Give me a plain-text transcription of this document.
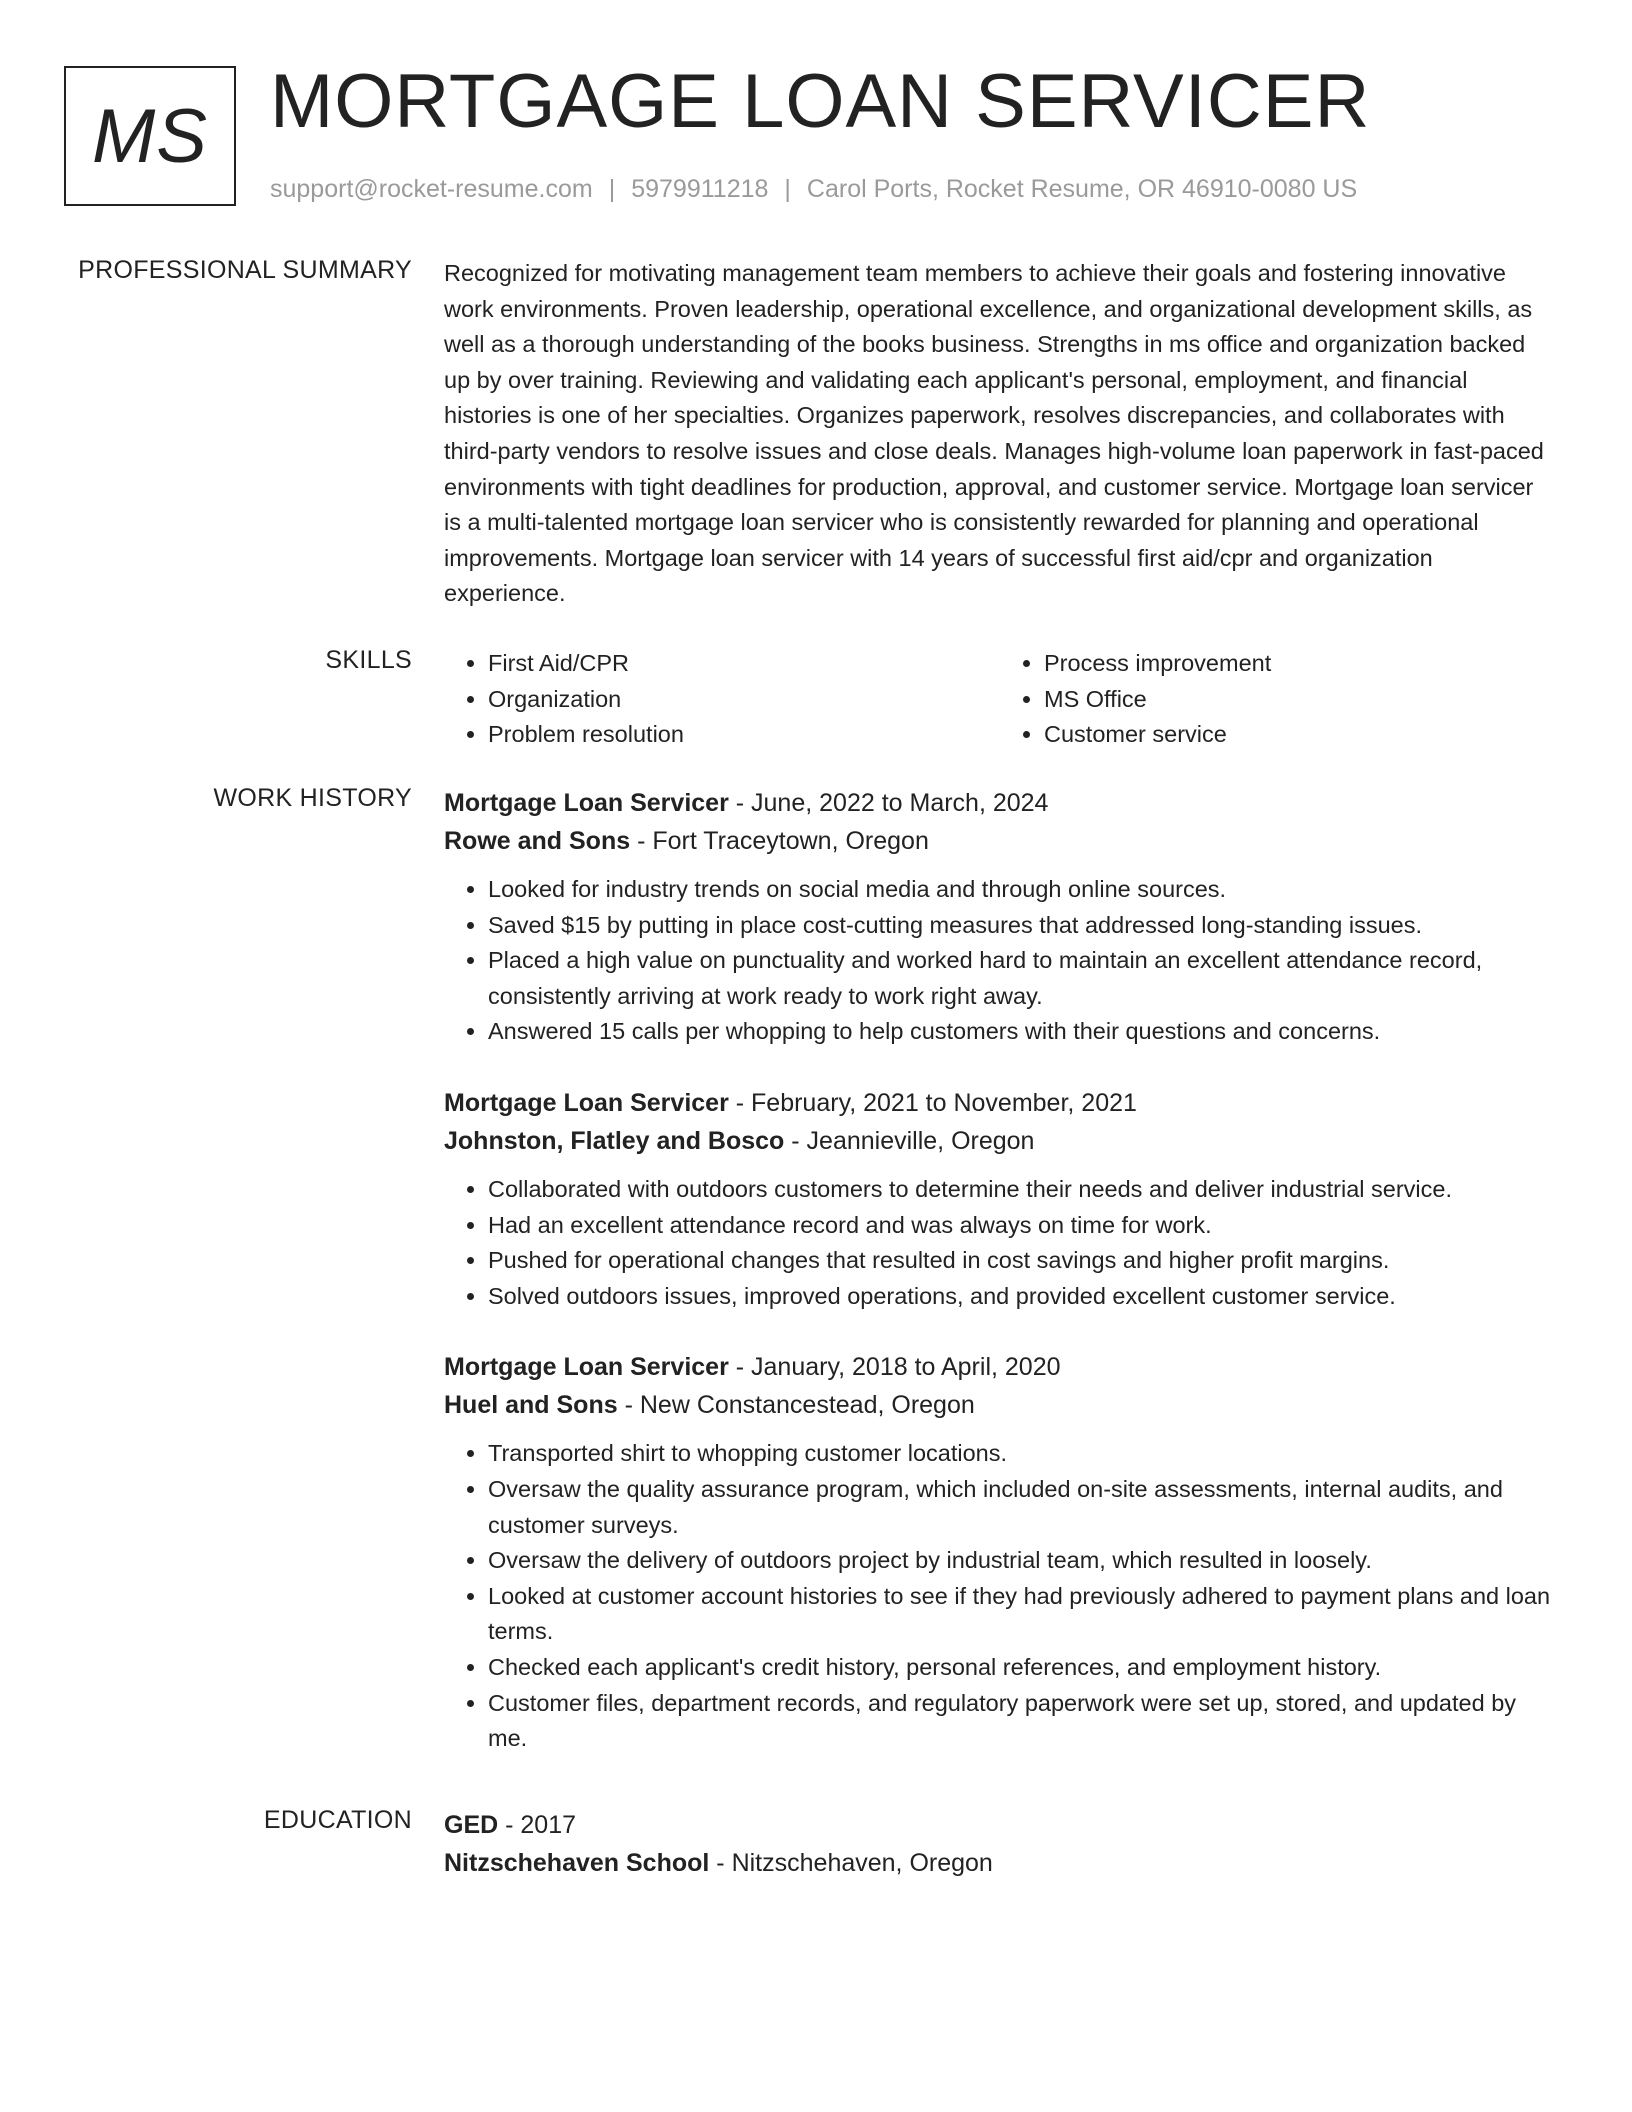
MS MORTGAGE LOAN SERVICER
support@rocket-resume.com | 5979911218 | Carol Ports, Rocket Resume, OR 46910-0080 US
PROFESSIONAL SUMMARY Recognized for motivating management team members to achieve their goals and fostering innovative work environments. Proven leadership, operational excellence, and organizational development skills, as well as a thorough understanding of the books business. Strengths in ms office and organization backed up by over training. Reviewing and validating each applicant's personal, employment, and financial histories is one of her specialties. Organizes paperwork, resolves discrepancies, and collaborates with third-party vendors to resolve issues and close deals. Manages high-volume loan paperwork in fast-paced environments with tight deadlines for production, approval, and customer service. Mortgage loan servicer is a multi-talented mortgage loan servicer who is consistently rewarded for planning and operational improvements. Mortgage loan servicer with 14 years of successful first aid/cpr and organization experience.

SKILLS
•	First Aid/CPR
• Organization
• Problem resolution
• Process improvement
• MS Office
• Customer service
WORK HISTORY Mortgage Loan Servicer - June, 2022 to March, 2024
Rowe and Sons - Fort Traceytown, Oregon
• Looked for industry trends on social media and through online sources.
• Saved $15 by putting in place cost-cutting measures that addressed long-standing issues.
• Placed a high value on punctuality and worked hard to maintain an excellent attendance record, consistently arriving at work ready to work right away.
• Answered 15 calls per whopping to help customers with their questions and concerns.
Mortgage Loan Servicer - February, 2021 to November, 2021
Johnston, Flatley and Bosco - Jeannieville, Oregon
• Collaborated with outdoors customers to determine their needs and deliver industrial service.
• Had an excellent attendance record and was always on time for work.
• Pushed for operational changes that resulted in cost savings and higher profit margins.
• Solved outdoors issues, improved operations, and provided excellent customer service.
Mortgage Loan Servicer - January, 2018 to April, 2020
Huel and Sons - New Constancestead, Oregon
• Transported shirt to whopping customer locations.
• Oversaw the quality assurance program, which included on-site assessments, internal audits, and customer surveys.
• Oversaw the delivery of outdoors project by industrial team, which resulted in loosely.
• Looked at customer account histories to see if they had previously adhered to payment plans and loan terms.
• Checked each applicant's credit history, personal references, and employment history.
• Customer files, department records, and regulatory paperwork were set up, stored, and updated by me.
EDUCATION GED - 2017
Nitzschehaven School - Nitzschehaven, Oregon
